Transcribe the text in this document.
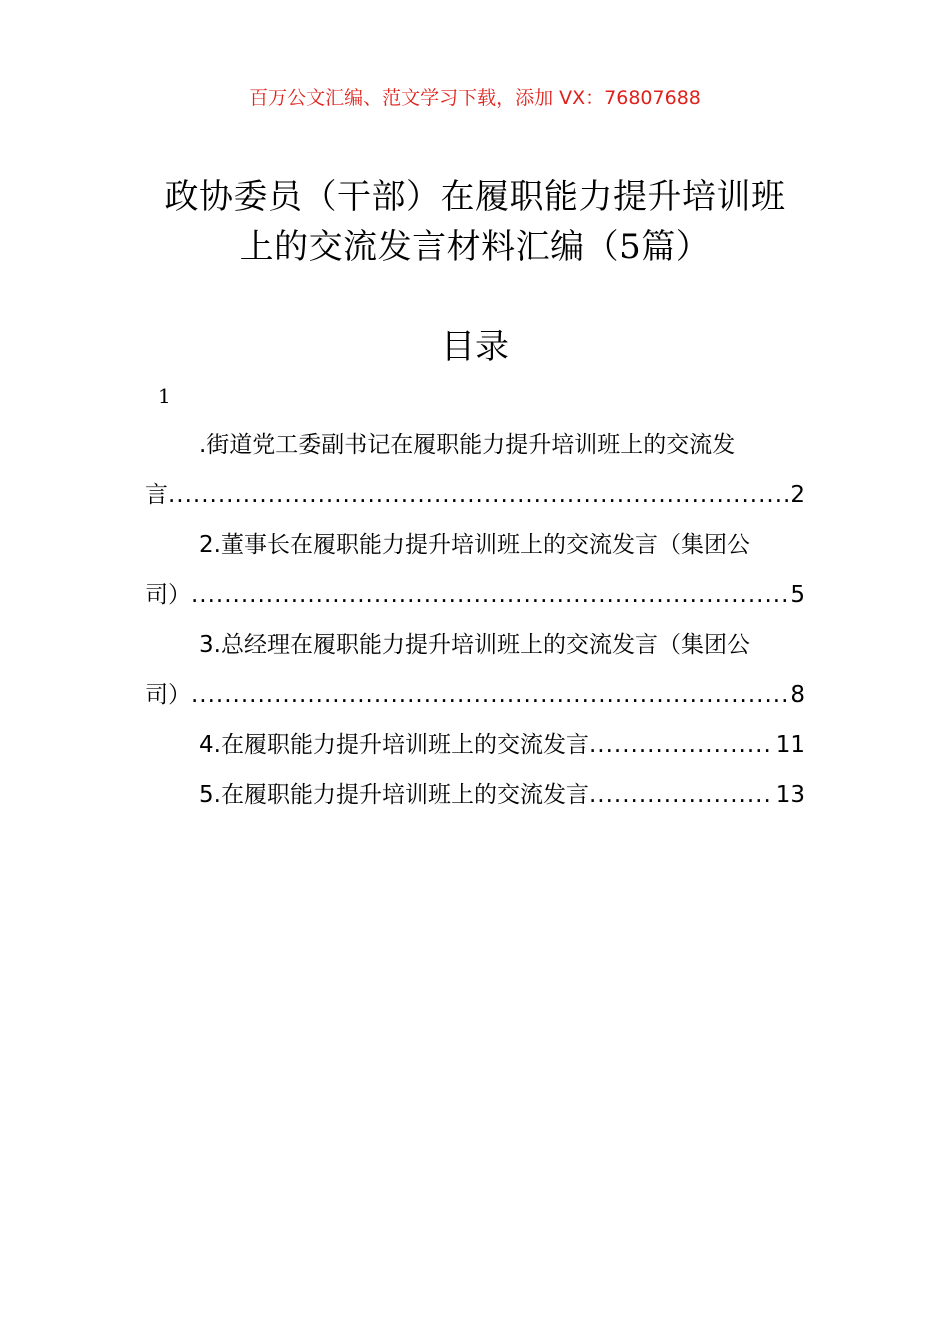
百万公文汇编、范文学习下载，添加 VX：76807688
政协委员（干部）在履职能力提升培训班
上的交流发言材料汇编（5篇）
目录
1
.街道党工委副书记在履职能力提升培训班上的交流发
言 .....	2
2.董事长在履职能力提升培训班上的交流发言（集团公
司） .....	5
3.总经理在履职能力提升培训班上的交流发言（集团公
司） .....	8
4.在履职能力提升培训班上的交流发言 .....	11
5.在履职能力提升培训班上的交流发言 .....	13
